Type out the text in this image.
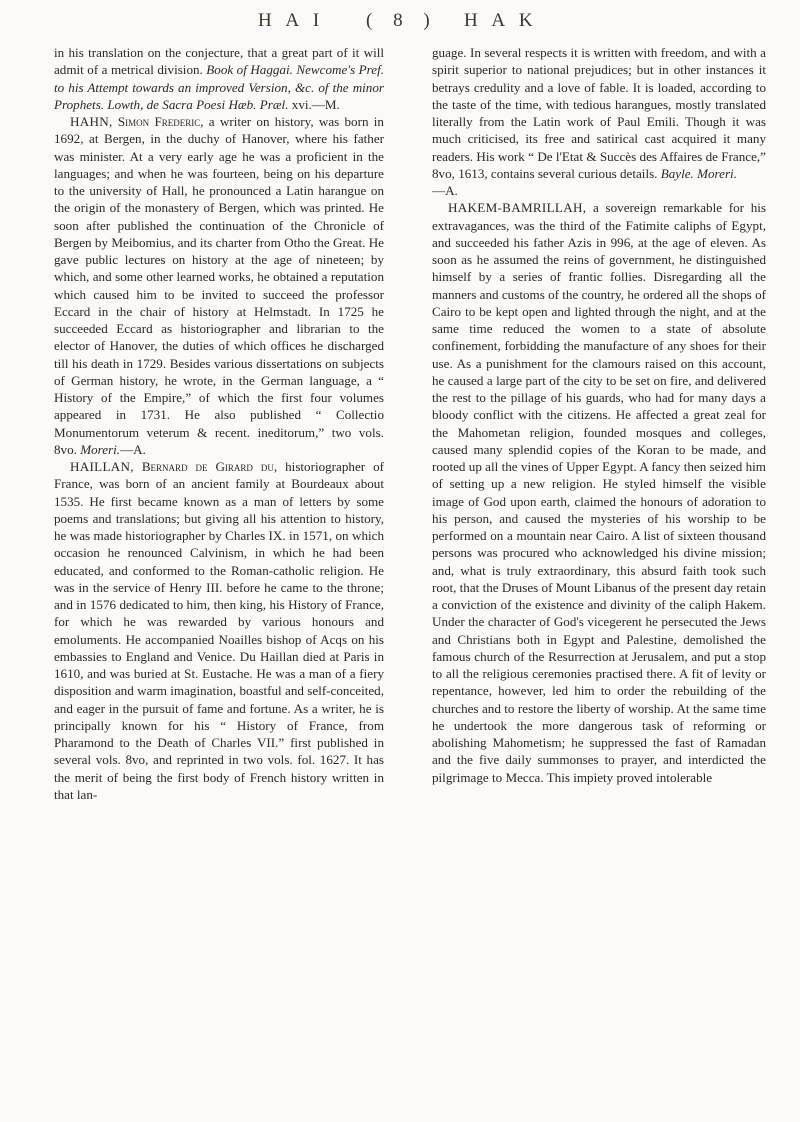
H A I ( 8 ) H A K

in his translation on the conjecture, that a great part of it will admit of a metrical division. Book of Haggai. Newcome's Pref. to his Attempt towards an improved Version, &c. of the minor Prophets. Lowth, de Sacra Poesi Hæb. Præl. xvi.—M.

HAHN, Simon Frederic, a writer on history, was born in 1692, at Bergen, in the duchy of Hanover, where his father was minister. At a very early age he was a proficient in the languages; and when he was fourteen, being on his departure to the university of Hall, he pronounced a Latin harangue on the origin of the monastery of Bergen, which was printed. He soon after published the continuation of the Chronicle of Bergen by Meibomius, and its charter from Otho the Great. He gave public lectures on history at the age of nineteen; by which, and some other learned works, he obtained a reputation which caused him to be invited to succeed the professor Eccard in the chair of history at Helmstadt. In 1725 he succeeded Eccard as historiographer and librarian to the elector of Hanover, the duties of which offices he discharged till his death in 1729. Besides various dissertations on subjects of German history, he wrote, in the German language, a “ History of the Empire,” of which the first four volumes appeared in 1731. He also published “ Collectio Monumentorum veterum & recent. ineditorum,” two vols. 8vo. Moreri.—A.

HAILLAN, Bernard de Girard du, historiographer of France, was born of an ancient family at Bourdeaux about 1535. He first became known as a man of letters by some poems and translations; but giving all his attention to history, he was made historiographer by Charles IX. in 1571, on which occasion he renounced Calvinism, in which he had been educated, and conformed to the Roman-catholic religion. He was in the service of Henry III. before he came to the throne; and in 1576 dedicated to him, then king, his History of France, for which he was rewarded by various honours and emoluments. He accompanied Noailles bishop of Acqs on his embassies to England and Venice. Du Haillan died at Paris in 1610, and was buried at St. Eustache. He was a man of a fiery disposition and warm imagination, boastful and self-conceited, and eager in the pursuit of fame and fortune. As a writer, he is principally known for his “ History of France, from Pharamond to the Death of Charles VII.” first published in several vols. 8vo, and reprinted in two vols. fol. 1627. It has the merit of being the first body of French history written in that lan-

guage. In several respects it is written with freedom, and with a spirit superior to national prejudices; but in other instances it betrays credulity and a love of fable. It is loaded, according to the taste of the time, with tedious harangues, mostly translated literally from the Latin work of Paul Emili. Though it was much criticised, its free and satirical cast acquired it many readers. His work “ De l'Etat & Succès des Affaires de France,” 8vo, 1613, contains several curious details. Bayle. Moreri.
—A.

HAKEM-BAMRILLAH, a sovereign remarkable for his extravagances, was the third of the Fatimite caliphs of Egypt, and succeeded his father Azis in 996, at the age of eleven. As soon as he assumed the reins of government, he distinguished himself by a series of frantic follies. Disregarding all the manners and customs of the country, he ordered all the shops of Cairo to be kept open and lighted through the night, and at the same time reduced the women to a state of absolute confinement, forbidding the manufacture of any shoes for their use. As a punishment for the clamours raised on this account, he caused a large part of the city to be set on fire, and delivered the rest to the pillage of his guards, who had for many days a bloody conflict with the citizens. He affected a great zeal for the Mahometan religion, founded mosques and colleges, caused many splendid copies of the Koran to be made, and rooted up all the vines of Upper Egypt. A fancy then seized him of setting up a new religion. He styled himself the visible image of God upon earth, claimed the honours of adoration to his person, and caused the mysteries of his worship to be performed on a mountain near Cairo. A list of sixteen thousand persons was procured who acknowledged his divine mission; and, what is truly extraordinary, this absurd faith took such root, that the Druses of Mount Libanus of the present day retain a conviction of the existence and divinity of the caliph Hakem. Under the character of God's vicegerent he persecuted the Jews and Christians both in Egypt and Palestine, demolished the famous church of the Resurrection at Jerusalem, and put a stop to all the religious ceremonies practised there. A fit of levity or repentance, however, led him to order the rebuilding of the churches and to restore the liberty of worship. At the same time he undertook the more dangerous task of reforming or abolishing Mahometism; he suppressed the fast of Ramadan and the five daily summonses to prayer, and interdicted the pilgrimage to Mecca. This impiety proved intolerable
